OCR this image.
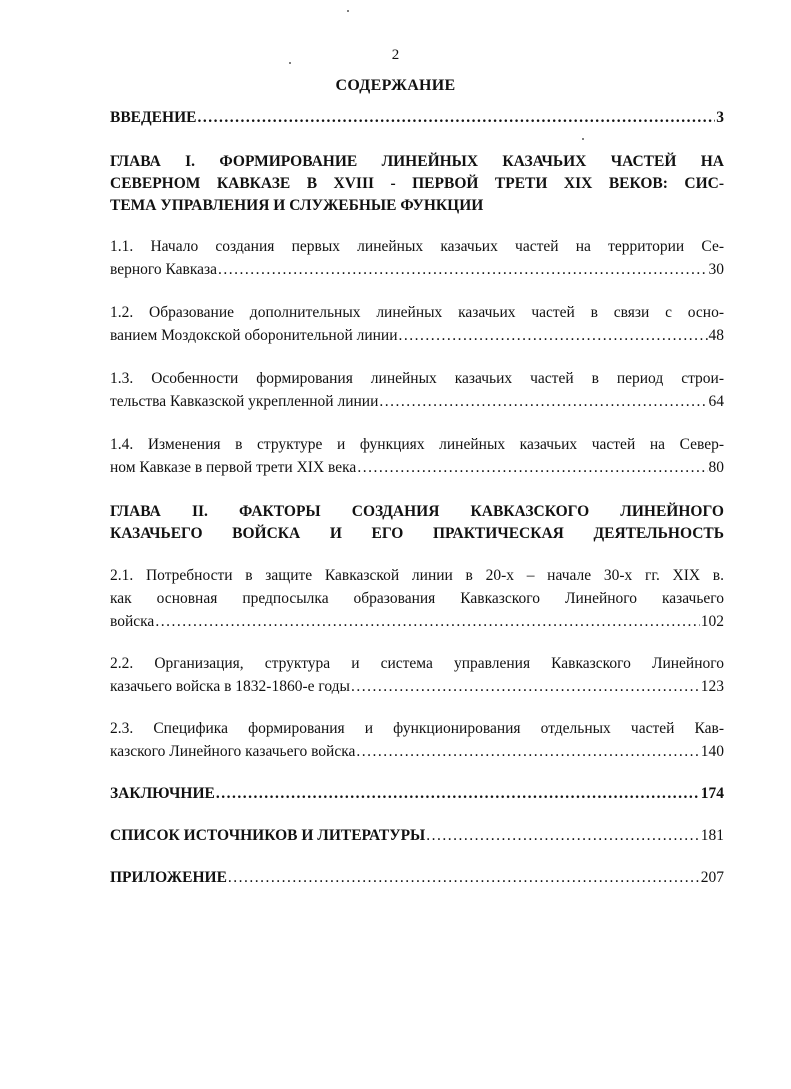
2
СОДЕРЖАНИЕ
ВВЕДЕНИЕ .....	3
ГЛАВА I. ФОРМИРОВАНИЕ ЛИНЕЙНЫХ КАЗАЧЬИХ ЧАСТЕЙ НА
СЕВЕРНОМ КАВКАЗЕ В XVIII - ПЕРВОЙ ТРЕТИ XIX ВЕКОВ: СИС-
ТЕМА УПРАВЛЕНИЯ И СЛУЖЕБНЫЕ ФУНКЦИИ
1.1. Начало создания первых линейных казачьих частей на территории Се-
верного Кавказа .....	30
1.2. Образование дополнительных линейных казачьих частей в связи с осно-
ванием Моздокской оборонительной линии .....	48
1.3. Особенности формирования линейных казачьих частей в период строи-
тельства Кавказской укрепленной линии .....	64
1.4. Изменения в структуре и функциях линейных казачьих частей на Север-
ном Кавказе в первой трети XIX века .....	80
ГЛАВА II. ФАКТОРЫ СОЗДАНИЯ КАВКАЗСКОГО ЛИНЕЙНОГО
КАЗАЧЬЕГО ВОЙСКА И ЕГО ПРАКТИЧЕСКАЯ ДЕЯТЕЛЬНОСТЬ
2.1. Потребности в защите Кавказской линии в 20-х – начале 30-х гг. XIX в.
как основная предпосылка образования Кавказского Линейного казачьего
войска .....	102
2.2. Организация, структура и система управления Кавказского Линейного
казачьего войска в 1832-1860-е годы .....	123
2.3. Специфика формирования и функционирования отдельных частей Кав-
казского Линейного казачьего войска .....	140
ЗАКЛЮЧНИЕ .....	174
СПИСОК ИСТОЧНИКОВ И ЛИТЕРАТУРЫ .....	181
ПРИЛОЖЕНИЕ .....	207
